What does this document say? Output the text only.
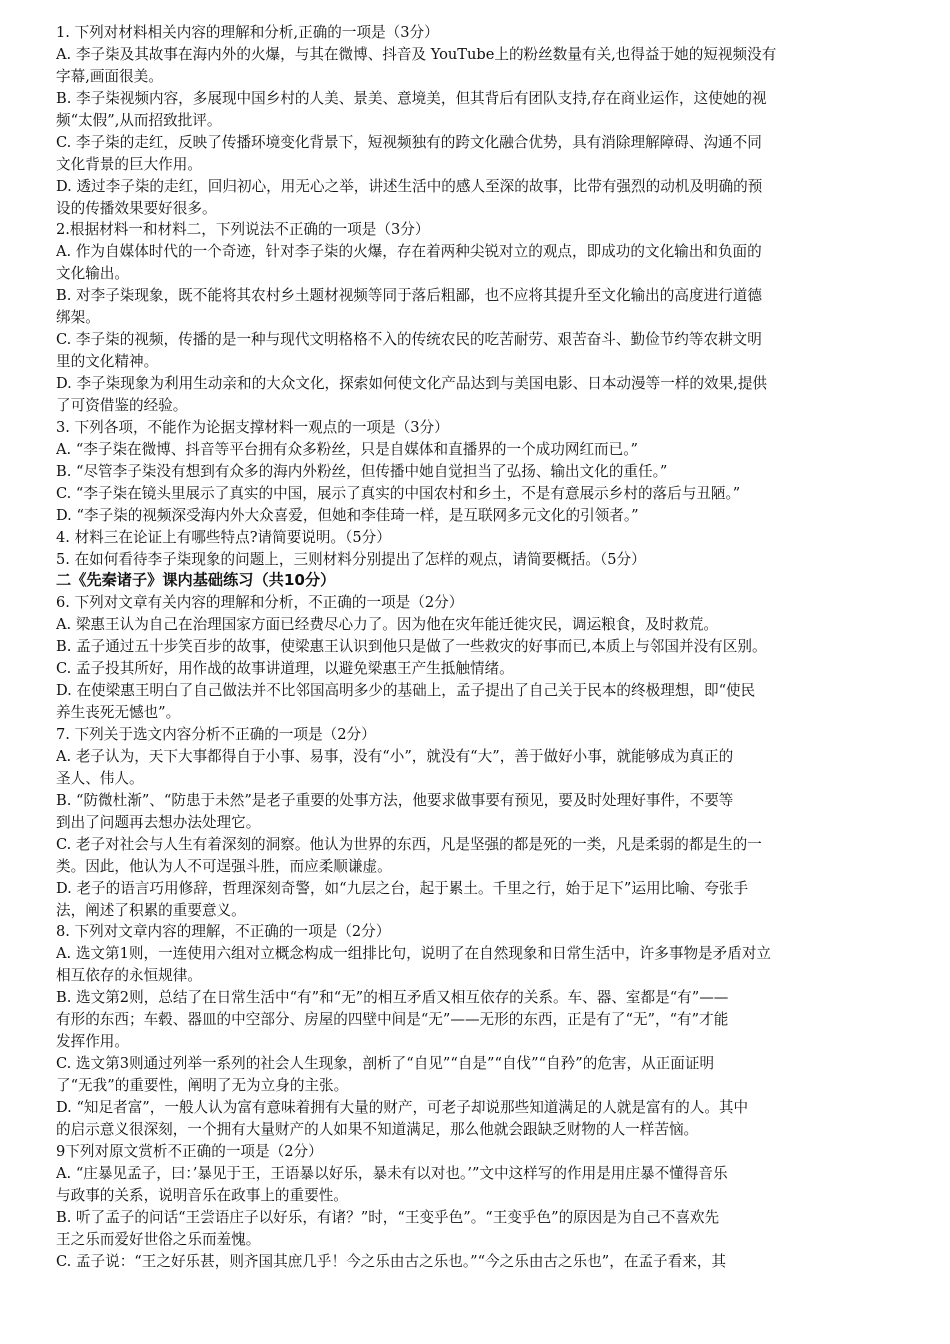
1. 下列对材料相关内容的理解和分析,正确的一项是（3分）
A. 李子柒及其故事在海内外的火爆，与其在微博、抖音及 YouTube上的粉丝数量有关,也得益于她的短视频没有
字幕,画面很美。
B. 李子柒视频内容，多展现中国乡村的人美、景美、意境美，但其背后有团队支持,存在商业运作，这使她的视
频“太假”,从而招致批评。
C. 李子柒的走红，反映了传播环境变化背景下，短视频独有的跨文化融合优势，具有消除理解障碍、沟通不同
文化背景的巨大作用。
D. 透过李子柒的走红，回归初心，用无心之举，讲述生活中的感人至深的故事，比带有强烈的动机及明确的预
设的传播效果要好很多。
2.根据材料一和材料二，下列说法不正确的一项是（3分）
A. 作为自媒体时代的一个奇迹，针对李子柒的火爆，存在着两种尖锐对立的观点，即成功的文化输出和负面的
文化输出。
B. 对李子柒现象，既不能将其农村乡土题材视频等同于落后粗鄙，也不应将其提升至文化输出的高度进行道德
绑架。
C. 李子柒的视频，传播的是一种与现代文明格格不入的传统农民的吃苦耐劳、艰苦奋斗、勤俭节约等农耕文明
里的文化精神。
D. 李子柒现象为利用生动亲和的大众文化，探索如何使文化产品达到与美国电影、日本动漫等一样的效果,提供
了可资借鉴的经验。
3. 下列各项，不能作为论据支撑材料一观点的一项是（3分）
A. “李子柒在微博、抖音等平台拥有众多粉丝，只是自媒体和直播界的一个成功网红而已。”
B. “尽管李子柒没有想到有众多的海内外粉丝，但传播中她自觉担当了弘扬、输出文化的重任。”
C. “李子柒在镜头里展示了真实的中国，展示了真实的中国农村和乡土，不是有意展示乡村的落后与丑陋。”
D. “李子柒的视频深受海内外大众喜爱，但她和李佳琦一样，是互联网多元文化的引领者。”
4. 材料三在论证上有哪些特点?请简要说明。（5分）
5. 在如何看待李子柒现象的问题上，三则材料分别提出了怎样的观点，请简要概括。（5分）
二《先秦诸子》课内基础练习（共10分）
6. 下列对文章有关内容的理解和分析，不正确的一项是（2分）
A. 梁惠王认为自己在治理国家方面已经费尽心力了。因为他在灾年能迁徙灾民，调运粮食，及时救荒。
B. 孟子通过五十步笑百步的故事，使梁惠王认识到他只是做了一些救灾的好事而已,本质上与邻国并没有区别。
C. 孟子投其所好，用作战的故事讲道理，以避免梁惠王产生抵触情绪。
D. 在使梁惠王明白了自己做法并不比邻国高明多少的基础上，孟子提出了自己关于民本的终极理想，即“使民
养生丧死无憾也”。
7. 下列关于选文内容分析不正确的一项是（2分）
A. 老子认为，天下大事都得自于小事、易事，没有“小”，就没有“大”，善于做好小事，就能够成为真正的
圣人、伟人。
B. “防微杜渐”、“防患于未然”是老子重要的处事方法，他要求做事要有预见，要及时处理好事件，不要等
到出了问题再去想办法处理它。
C. 老子对社会与人生有着深刻的洞察。他认为世界的东西，凡是坚强的都是死的一类，凡是柔弱的都是生的一
类。因此，他认为人不可逞强斗胜，而应柔顺谦虚。
D. 老子的语言巧用修辞，哲理深刻奇警，如“九层之台，起于累土。千里之行，始于足下”运用比喻、夸张手
法，阐述了积累的重要意义。
8. 下列对文章内容的理解，不正确的一项是（2分）
A. 选文第1则，一连使用六组对立概念构成一组排比句，说明了在自然现象和日常生活中，许多事物是矛盾对立
相互依存的永恒规律。
B. 选文第2则，总结了在日常生活中“有”和“无”的相互矛盾又相互依存的关系。车、器、室都是“有”——
有形的东西；车毂、器皿的中空部分、房屋的四壁中间是“无”——无形的东西，正是有了“无”，“有”才能
发挥作用。
C. 选文第3则通过列举一系列的社会人生现象，剖析了“自见”“自是”“自伐”“自矜”的危害，从正面证明
了“无我”的重要性，阐明了无为立身的主张。
D. “知足者富”，一般人认为富有意味着拥有大量的财产，可老子却说那些知道满足的人就是富有的人。其中
的启示意义很深刻，一个拥有大量财产的人如果不知道满足，那么他就会跟缺乏财物的人一样苦恼。
9下列对原文赏析不正确的一项是（2分）
A. “庄暴见孟子，曰：’暴见于王，王语暴以好乐，暴未有以对也。’”文中这样写的作用是用庄暴不懂得音乐
与政事的关系，说明音乐在政事上的重要性。
B. 听了孟子的问话“王尝语庄子以好乐，有诸？”时，“王变乎色”。“王变乎色”的原因是为自己不喜欢先
王之乐而爱好世俗之乐而羞愧。
C. 孟子说：“王之好乐甚，则齐国其庶几乎！今之乐由古之乐也。”“今之乐由古之乐也”，在孟子看来，其
